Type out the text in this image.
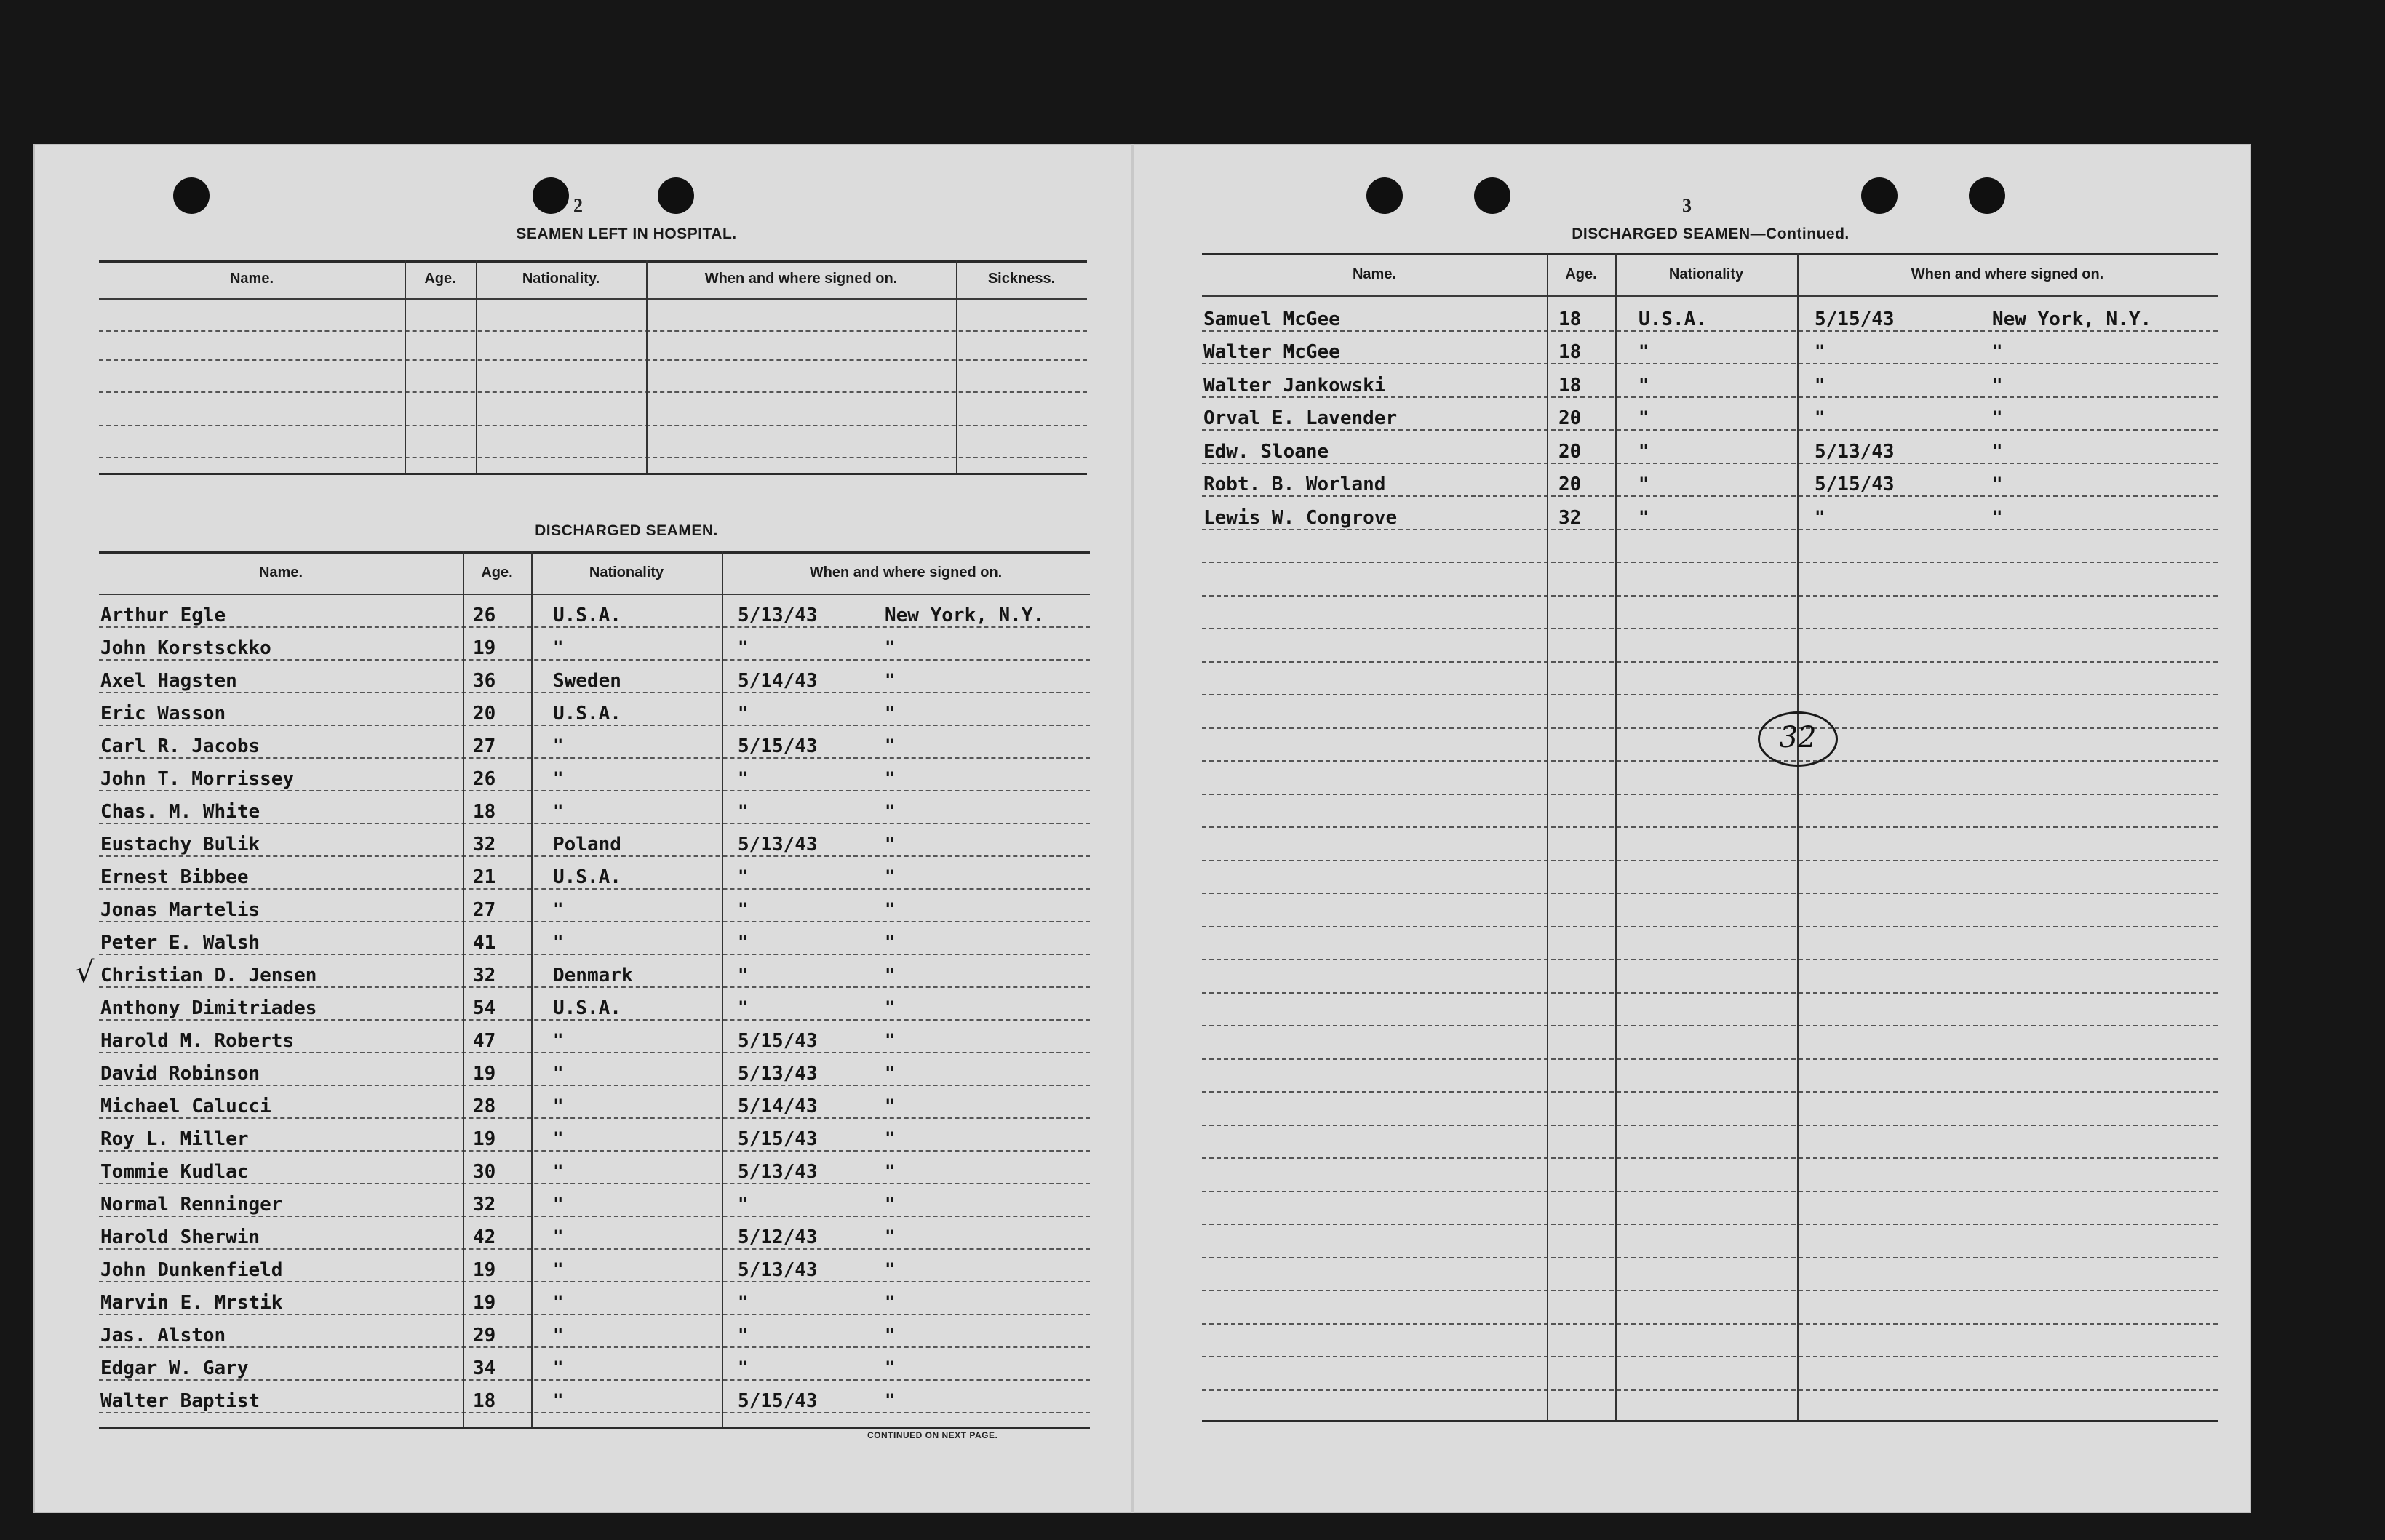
2
SEAMEN LEFT IN HOSPITAL.
Name.	Age.	Nationality.	When and where signed on.	Sickness.
DISCHARGED SEAMEN.
Name.	Age.	Nationality	When and where signed on.
Arthur Egle	26	U.S.A.	5/13/43	New York, N.Y.
John Korstsckko	19	"	"	"
Axel Hagsten	36	Sweden	5/14/43	"
Eric Wasson	20	U.S.A.	"	"
Carl R. Jacobs	27	"	5/15/43	"
John T. Morrissey	26	"	"	"
Chas. M. White	18	"	"	"
Eustachy Bulik	32	Poland	5/13/43	"
Ernest Bibbee	21	U.S.A.	"	"
Jonas Martelis	27	"	"	"
Peter E. Walsh	41	"	"	"
Christian D. Jensen	32	Denmark	"	"
Anthony Dimitriades	54	U.S.A.	"	"
Harold M. Roberts	47	"	5/15/43	"
David Robinson	19	"	5/13/43	"
Michael Calucci	28	"	5/14/43	"
Roy L. Miller	19	"	5/15/43	"
Tommie Kudlac	30	"	5/13/43	"
Normal Renninger	32	"	"	"
Harold Sherwin	42	"	5/12/43	"
John Dunkenfield	19	"	5/13/43	"
Marvin E. Mrstik	19	"	"	"
Jas. Alston	29	"	"	"
Edgar W. Gary	34	"	"	"
Walter Baptist	18	"	5/15/43	"
√
CONTINUED ON NEXT PAGE.
3
DISCHARGED SEAMEN—Continued.
Name.	Age.	Nationality	When and where signed on.
Samuel McGee	18	U.S.A.	5/15/43	New York, N.Y.
Walter McGee	18	"	"	"
Walter Jankowski	18	"	"	"
Orval E. Lavender	20	"	"	"
Edw. Sloane	20	"	5/13/43	"
Robt. B. Worland	20	"	5/15/43	"
Lewis W. Congrove	32	"	"	"
32
